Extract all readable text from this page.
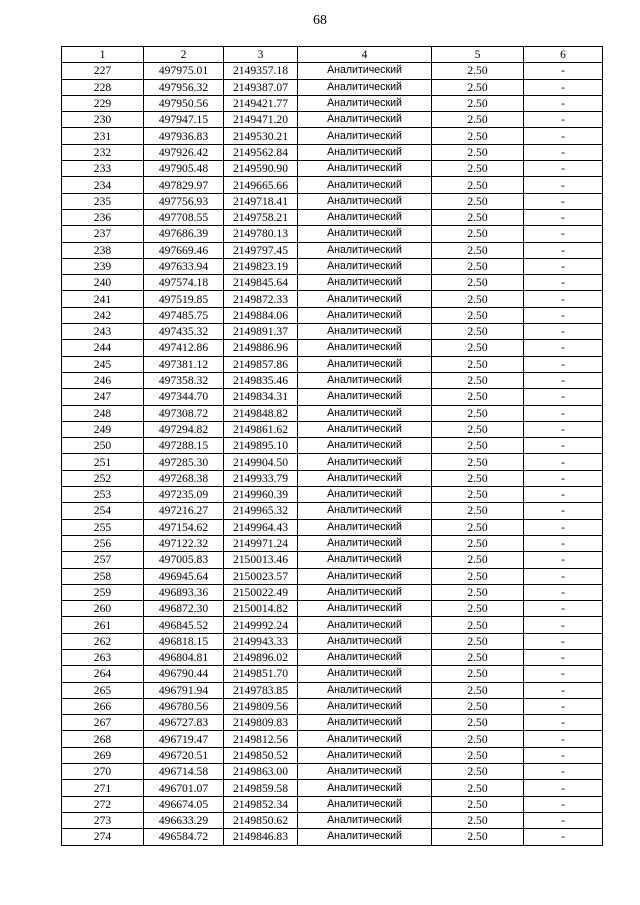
68
1	2	3	4	5	6
227	497975.01	2149357.18	Аналитический	2.50	-
228	497956.32	2149387.07	Аналитический	2.50	-
229	497950.56	2149421.77	Аналитический	2.50	-
230	497947.15	2149471.20	Аналитический	2.50	-
231	497936.83	2149530.21	Аналитический	2.50	-
232	497926.42	2149562.84	Аналитический	2.50	-
233	497905.48	2149590.90	Аналитический	2.50	-
234	497829.97	2149665.66	Аналитический	2.50	-
235	497756.93	2149718.41	Аналитический	2.50	-
236	497708.55	2149758.21	Аналитический	2.50	-
237	497686.39	2149780.13	Аналитический	2.50	-
238	497669.46	2149797.45	Аналитический	2.50	-
239	497633.94	2149823.19	Аналитический	2.50	-
240	497574.18	2149845.64	Аналитический	2.50	-
241	497519.85	2149872.33	Аналитический	2.50	-
242	497485.75	2149884.06	Аналитический	2.50	-
243	497435.32	2149891.37	Аналитический	2.50	-
244	497412.86	2149886.96	Аналитический	2.50	-
245	497381.12	2149857.86	Аналитический	2.50	-
246	497358.32	2149835.46	Аналитический	2.50	-
247	497344.70	2149834.31	Аналитический	2.50	-
248	497308.72	2149848.82	Аналитический	2.50	-
249	497294.82	2149861.62	Аналитический	2.50	-
250	497288.15	2149895.10	Аналитический	2.50	-
251	497285.30	2149904.50	Аналитический	2.50	-
252	497268.38	2149933.79	Аналитический	2.50	-
253	497235.09	2149960.39	Аналитический	2.50	-
254	497216.27	2149965.32	Аналитический	2.50	-
255	497154.62	2149964.43	Аналитический	2.50	-
256	497122.32	2149971.24	Аналитический	2.50	-
257	497005.83	2150013.46	Аналитический	2.50	-
258	496945.64	2150023.57	Аналитический	2.50	-
259	496893.36	2150022.49	Аналитический	2.50	-
260	496872.30	2150014.82	Аналитический	2.50	-
261	496845.52	2149992.24	Аналитический	2.50	-
262	496818.15	2149943.33	Аналитический	2.50	-
263	496804.81	2149896.02	Аналитический	2.50	-
264	496790.44	2149851.70	Аналитический	2.50	-
265	496791.94	2149783.85	Аналитический	2.50	-
266	496780.56	2149809.56	Аналитический	2.50	-
267	496727.83	2149809.83	Аналитический	2.50	-
268	496719.47	2149812.56	Аналитический	2.50	-
269	496720.51	2149850.52	Аналитический	2.50	-
270	496714.58	2149863.00	Аналитический	2.50	-
271	496701.07	2149859.58	Аналитический	2.50	-
272	496674.05	2149852.34	Аналитический	2.50	-
273	496633.29	2149850.62	Аналитический	2.50	-
274	496584.72	2149846.83	Аналитический	2.50	-
